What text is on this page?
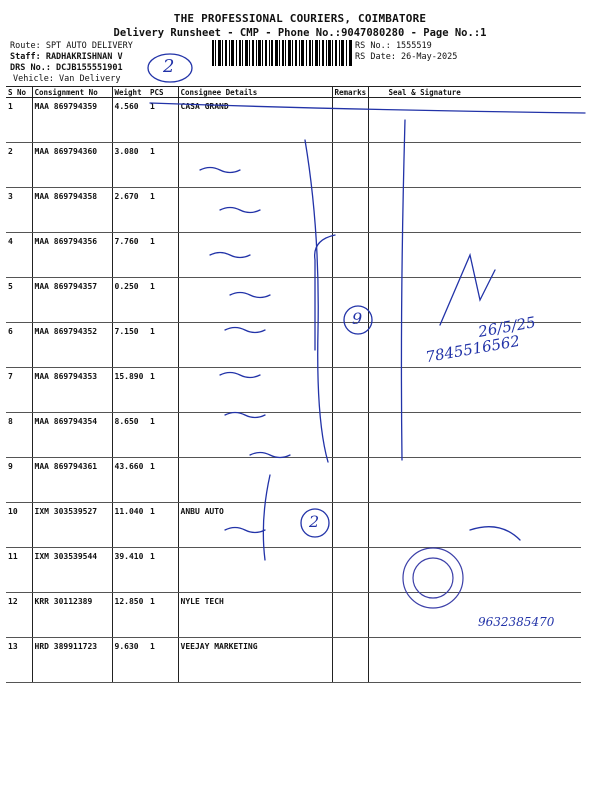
THE PROFESSIONAL COURIERS, COIMBATORE
Delivery Runsheet - CMP - Phone No.:9047080280 - Page No.:1
Route: SPT AUTO DELIVERY
Staff: RADHAKRISHNAN V
DRS No.: DCJB155551901
Vehicle: Van Delivery
RS No.: 1555519
RS Date: 26-May-2025
S No	Consignment No	Weight	PCS	Consignee Details	Remarks	Seal & Signature
1	MAA 869794359	4.560	1	CASA GRAND		
2	MAA 869794360	3.080	1			
3	MAA 869794358	2.670	1			
4	MAA 869794356	7.760	1			
5	MAA 869794357	0.250	1			
6	MAA 869794352	7.150	1			
7	MAA 869794353	15.890	1			
8	MAA 869794354	8.650	1			
9	MAA 869794361	43.660	1			
10	IXM 303539527	11.040	1	ANBU AUTO		
11	IXM 303539544	39.410	1			
12	KRR 30112389	12.850	1	NYLE TECH		
13	HRD 389911723	9.630	1	VEEJAY MARKETING		
2
9
2
26/5/25
7845516562
9632385470
